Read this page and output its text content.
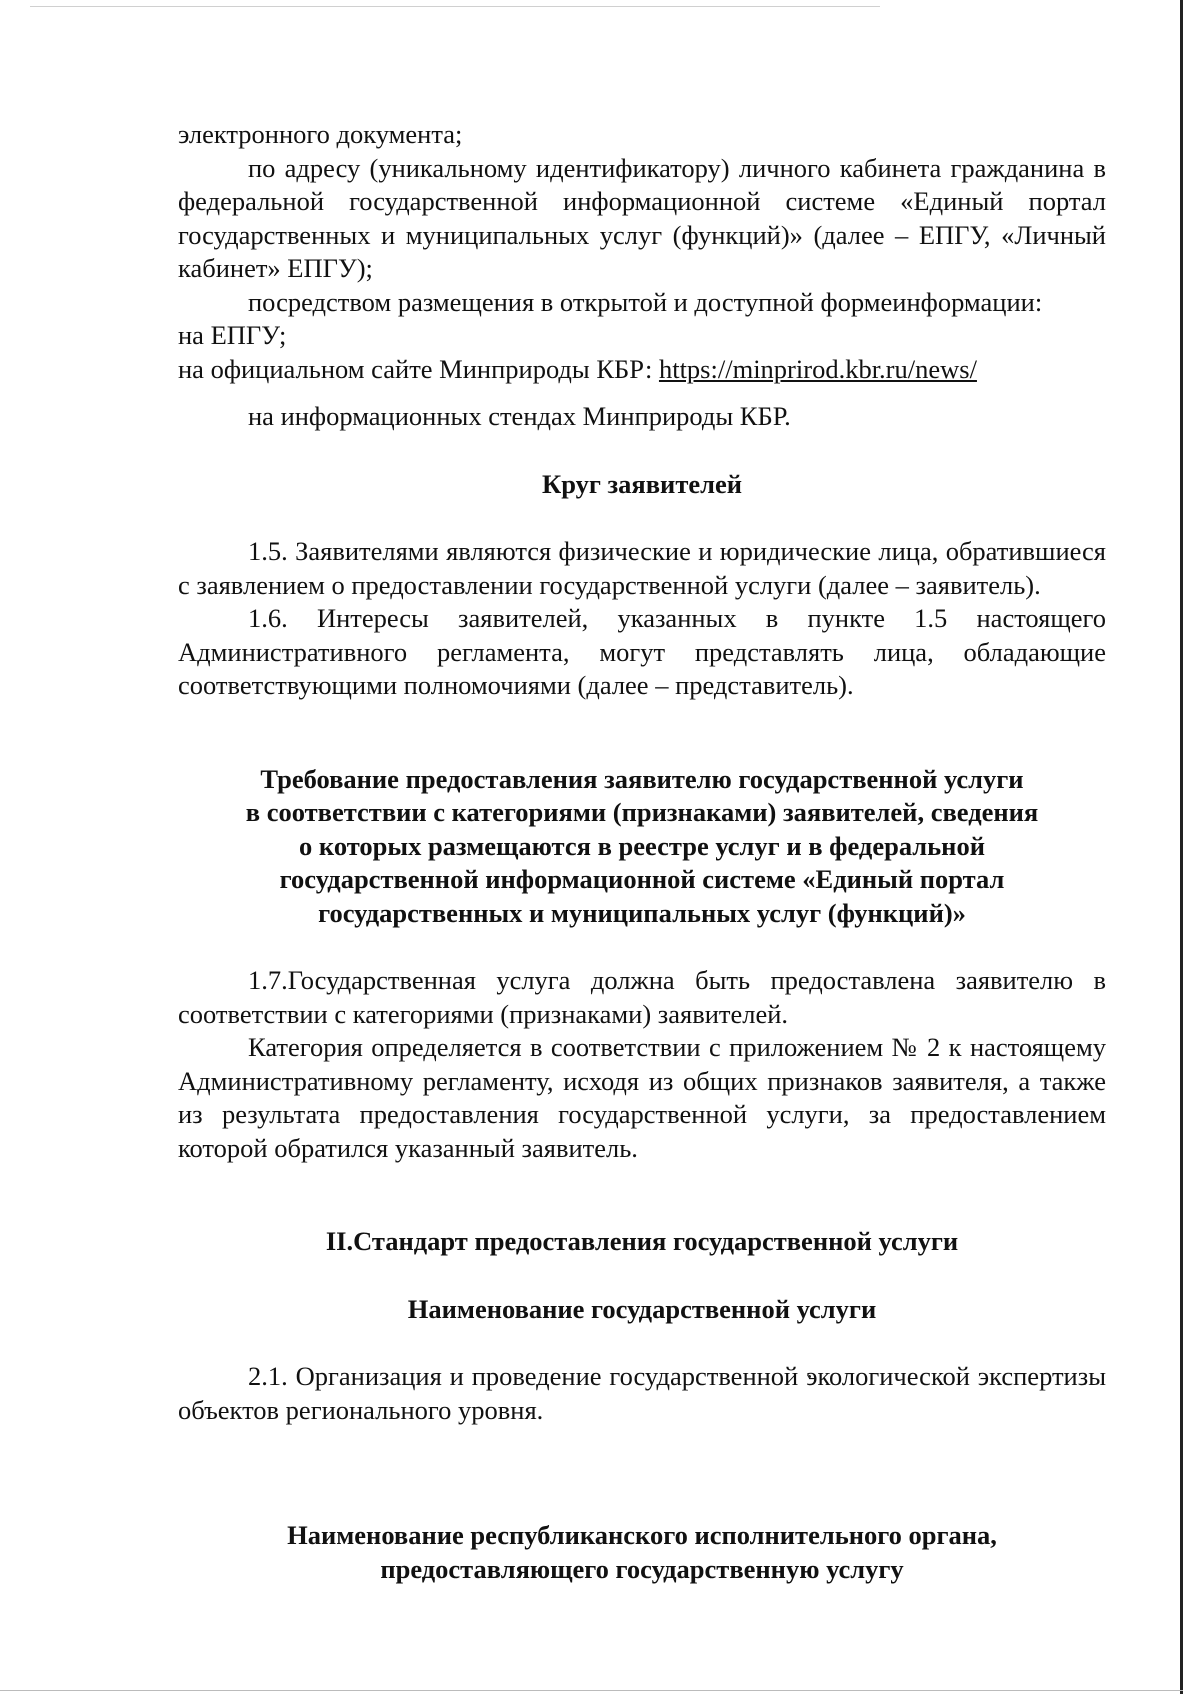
электронного документа;

по адресу (уникальному идентификатору) личного кабинета гражданина в федеральной государственной информационной системе «Единый портал государственных и муниципальных услуг (функций)» (далее – ЕПГУ, «Личный кабинет» ЕПГУ);

посредством размещения в открытой и доступной формеинформации:

на ЕПГУ;

на официальном сайте Минприроды КБР: https://minprirod.kbr.ru/news/

на информационных стендах Минприроды КБР.

Круг заявителей

1.5. Заявителями являются физические и юридические лица, обратившиеся с заявлением о предоставлении государственной услуги (далее – заявитель).

1.6. Интересы заявителей, указанных в пункте 1.5 настоящего Административного регламента, могут представлять лица, обладающие соответствующими полномочиями (далее – представитель).

Требование предоставления заявителю государственной услуги

в соответствии с категориями (признаками) заявителей, сведения

о которых размещаются в реестре услуг и в федеральной

государственной информационной системе «Единый портал

государственных и муниципальных услуг (функций)»

1.7.Государственная услуга должна быть предоставлена заявителю в соответствии с категориями (признаками) заявителей.

Категория определяется в соответствии с приложением № 2 к настоящему Административному регламенту, исходя из общих признаков заявителя, а также из результата предоставления государственной услуги, за предоставлением которой обратился указанный заявитель.

II.Стандарт предоставления государственной услуги

Наименование государственной услуги

2.1. Организация и проведение государственной экологической экспертизы объектов регионального уровня.

Наименование республиканского исполнительного органа,

предоставляющего государственную услугу
